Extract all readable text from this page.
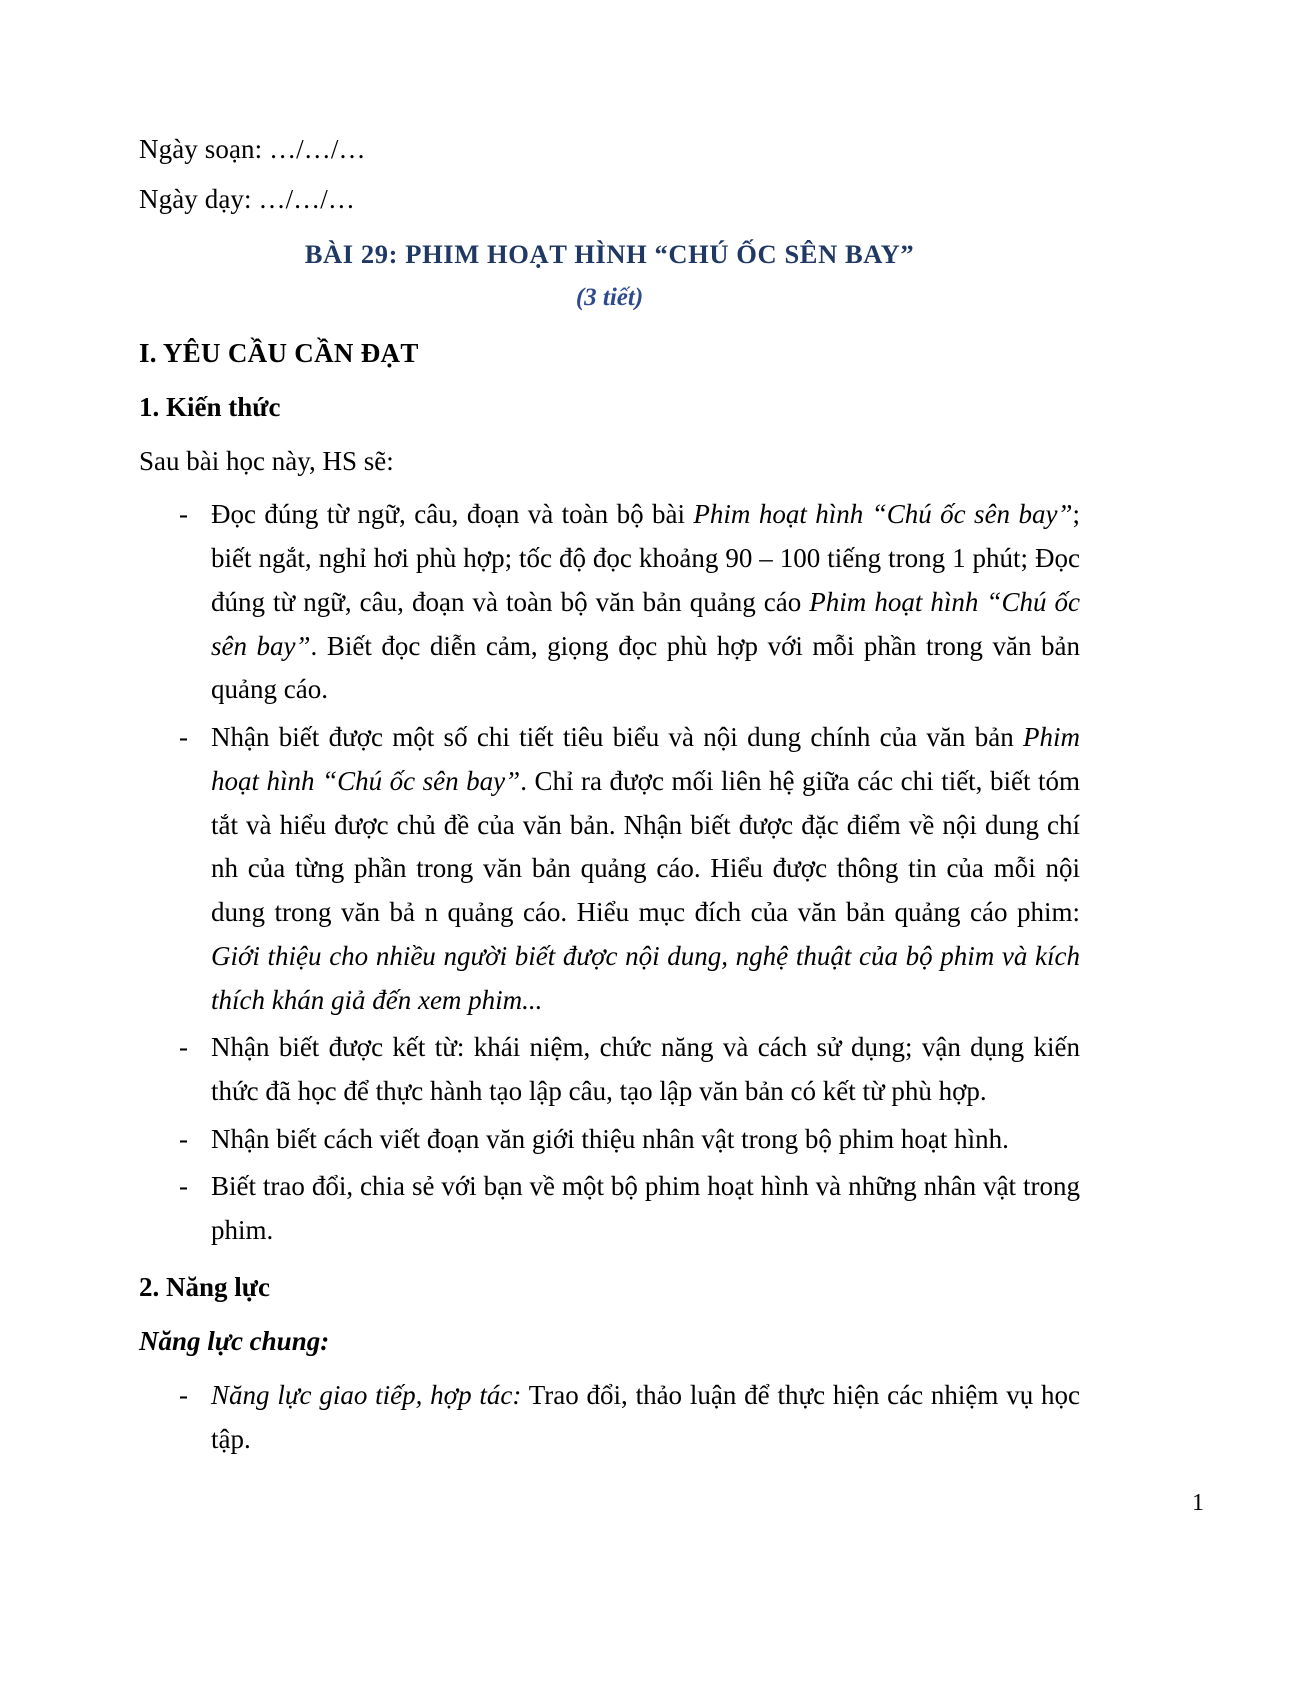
Ngày soạn: …/…/…

Ngày dạy: …/…/…

BÀI 29: PHIM HOẠT HÌNH “CHÚ ỐC SÊN BAY”
(3 tiết)
I. YÊU CẦU CẦN ĐẠT
1. Kiến thức

Sau bài học này, HS sẽ:

- Đọc đúng từ ngữ, câu, đoạn và toàn bộ bài Phim hoạt hình “Chú ốc sên bay”; biết ngắt, nghỉ hơi phù hợp; tốc độ đọc khoảng 90 – 100 tiếng trong 1 phút; Đọc đúng từ ngữ, câu, đoạn và toàn bộ văn bản quảng cáo Phim hoạt hình “Chú ốc sên bay”. Biết đọc diễn cảm, giọng đọc phù hợp với mỗi phần trong văn bản quảng cáo.
- Nhận biết được một số chi tiết tiêu biểu và nội dung chính của văn bản Phim hoạt hình “Chú ốc sên bay”. Chỉ ra được mối liên hệ giữa các chi tiết, biết tóm tắt và hiểu được chủ đề của văn bản. Nhận biết được đặc điểm về nội dung chí nh của từng phần trong văn bản quảng cáo. Hiểu được thông tin của mỗi nội dung trong văn bả n quảng cáo. Hiểu mục đích của văn bản quảng cáo phim: Giới thiệu cho nhiều người biết được nội dung, nghệ thuật của bộ phim và kích thích khán giả đến xem phim...
- Nhận biết được kết từ: khái niệm, chức năng và cách sử dụng; vận dụng kiến thức đã học để thực hành tạo lập câu, tạo lập văn bản có kết từ phù hợp.
- Nhận biết cách viết đoạn văn giới thiệu nhân vật trong bộ phim hoạt hình.
- Biết trao đổi, chia sẻ với bạn về một bộ phim hoạt hình và những nhân vật trong phim.
2. Năng lực
Năng lực chung:
- Năng lực giao tiếp, hợp tác: Trao đổi, thảo luận để thực hiện các nhiệm vụ học tập.
1
